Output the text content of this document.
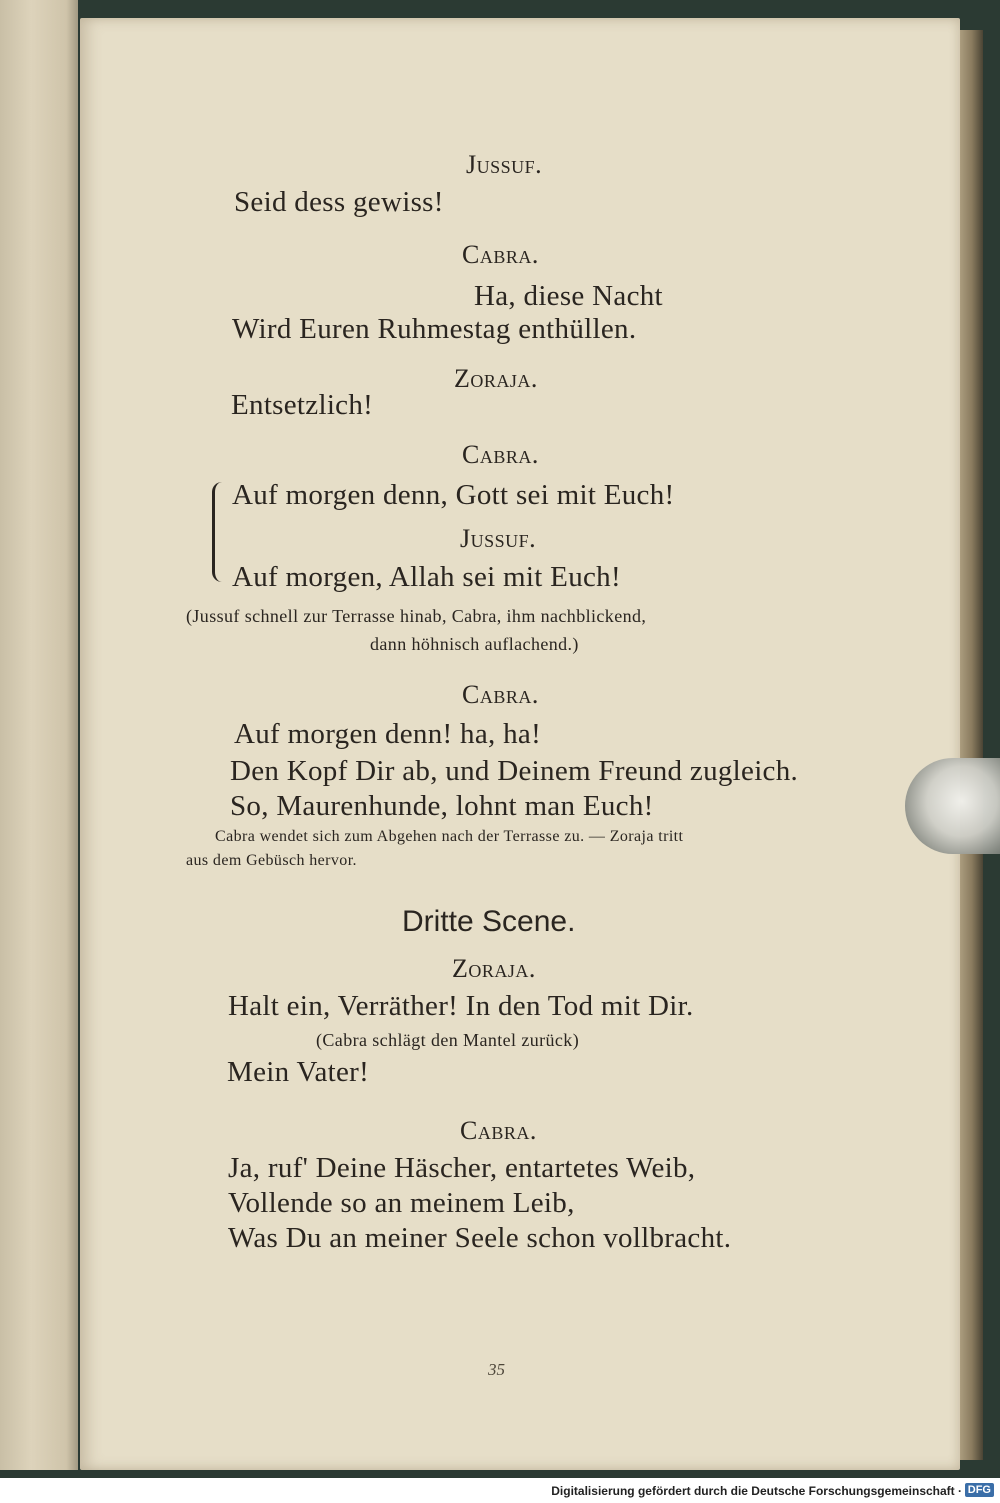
Jussuf.
Seid dess gewiss!
Cabra.
Ha, diese Nacht
Wird Euren Ruhmestag enthüllen.
Zoraja.
Entsetzlich!
Cabra.
Auf morgen denn, Gott sei mit Euch!
Jussuf.
Auf morgen, Allah sei mit Euch!
(Jussuf schnell zur Terrasse hinab, Cabra, ihm nachblickend,
dann höhnisch auflachend.)
Cabra.
Auf morgen denn! ha, ha!
Den Kopf Dir ab, und Deinem Freund zugleich.
So, Maurenhunde, lohnt man Euch!
Cabra wendet sich zum Abgehen nach der Terrasse zu. — Zoraja tritt
aus dem Gebüsch hervor.
Dritte Scene.
Zoraja.
Halt ein, Verräther! In den Tod mit Dir.
(Cabra schlägt den Mantel zurück)
Mein Vater!
Cabra.
Ja, ruf' Deine Häscher, entartetes Weib,
Vollende so an meinem Leib,
Was Du an meiner Seele schon vollbracht.
35
Digitalisierung gefördert durch die Deutsche Forschungsgemeinschaft · DFG
